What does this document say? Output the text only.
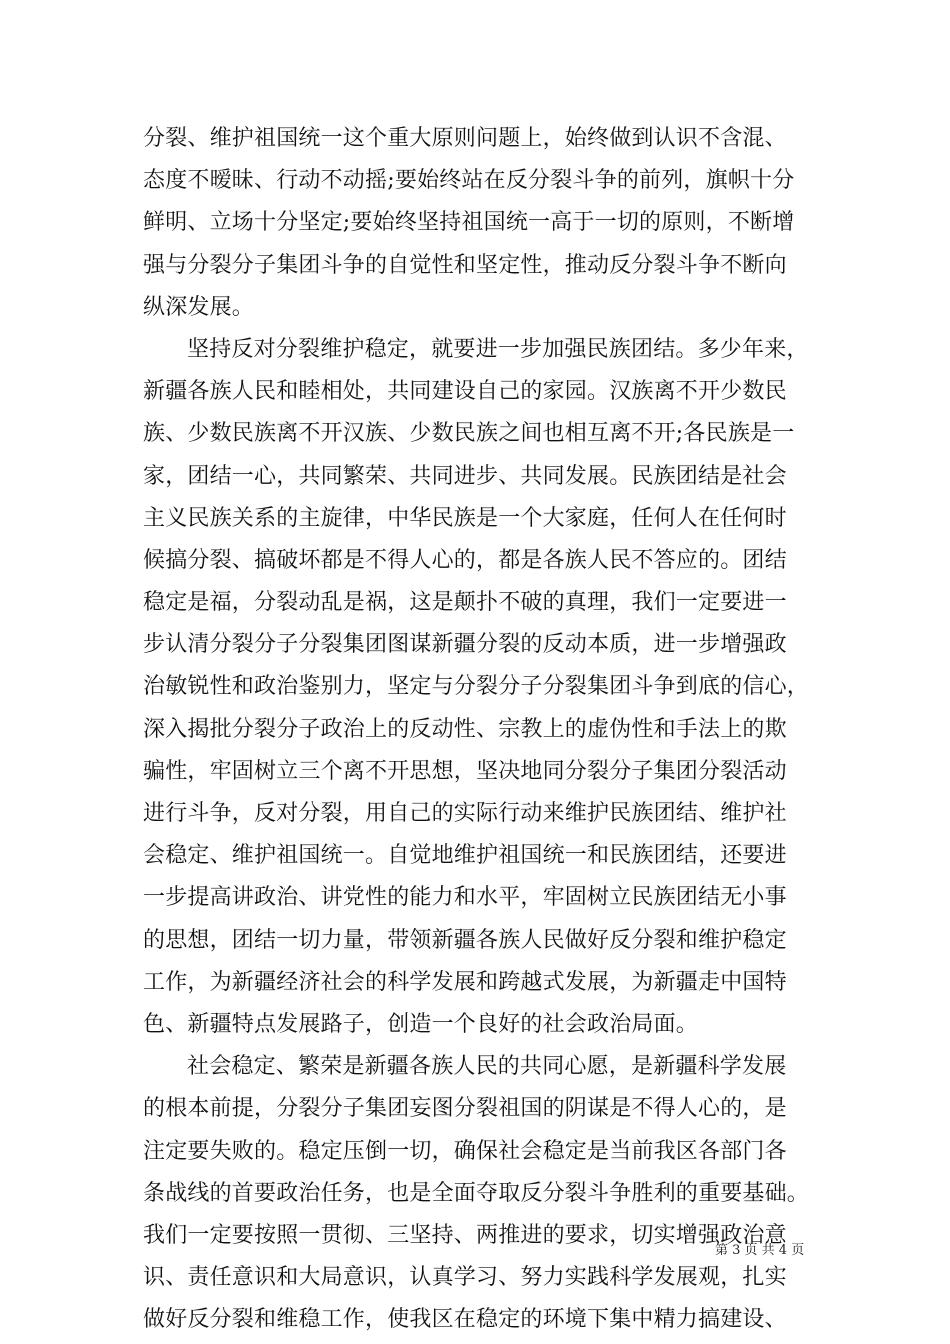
分裂、维护祖国统一这个重大原则问题上，始终做到认识不含混、
态度不暧昧、行动不动摇;要始终站在反分裂斗争的前列，旗帜十分
鲜明、立场十分坚定;要始终坚持祖国统一高于一切的原则，不断增
强与分裂分子集团斗争的自觉性和坚定性，推动反分裂斗争不断向
纵深发展。
坚持反对分裂维护稳定，就要进一步加强民族团结。多少年来，
新疆各族人民和睦相处，共同建设自己的家园。汉族离不开少数民
族、少数民族离不开汉族、少数民族之间也相互离不开;各民族是一
家，团结一心，共同繁荣、共同进步、共同发展。民族团结是社会
主义民族关系的主旋律，中华民族是一个大家庭，任何人在任何时
候搞分裂、搞破坏都是不得人心的，都是各族人民不答应的。团结
稳定是福，分裂动乱是祸，这是颠扑不破的真理，我们一定要进一
步认清分裂分子分裂集团图谋新疆分裂的反动本质，进一步增强政
治敏锐性和政治鉴别力，坚定与分裂分子分裂集团斗争到底的信心，
深入揭批分裂分子政治上的反动性、宗教上的虚伪性和手法上的欺
骗性，牢固树立三个离不开思想，坚决地同分裂分子集团分裂活动
进行斗争，反对分裂，用自己的实际行动来维护民族团结、维护社
会稳定、维护祖国统一。自觉地维护祖国统一和民族团结，还要进
一步提高讲政治、讲党性的能力和水平，牢固树立民族团结无小事
的思想，团结一切力量，带领新疆各族人民做好反分裂和维护稳定
工作，为新疆经济社会的科学发展和跨越式发展，为新疆走中国特
色、新疆特点发展路子，创造一个良好的社会政治局面。
社会稳定、繁荣是新疆各族人民的共同心愿，是新疆科学发展
的根本前提，分裂分子集团妄图分裂祖国的阴谋是不得人心的，是
注定要失败的。稳定压倒一切，确保社会稳定是当前我区各部门各
条战线的首要政治任务，也是全面夺取反分裂斗争胜利的重要基础。
我们一定要按照一贯彻、三坚持、两推进的要求，切实增强政治意
识、责任意识和大局意识，认真学习、努力实践科学发展观，扎实
做好反分裂和维稳工作，使我区在稳定的环境下集中精力搞建设、
第 3 页 共 4 页
